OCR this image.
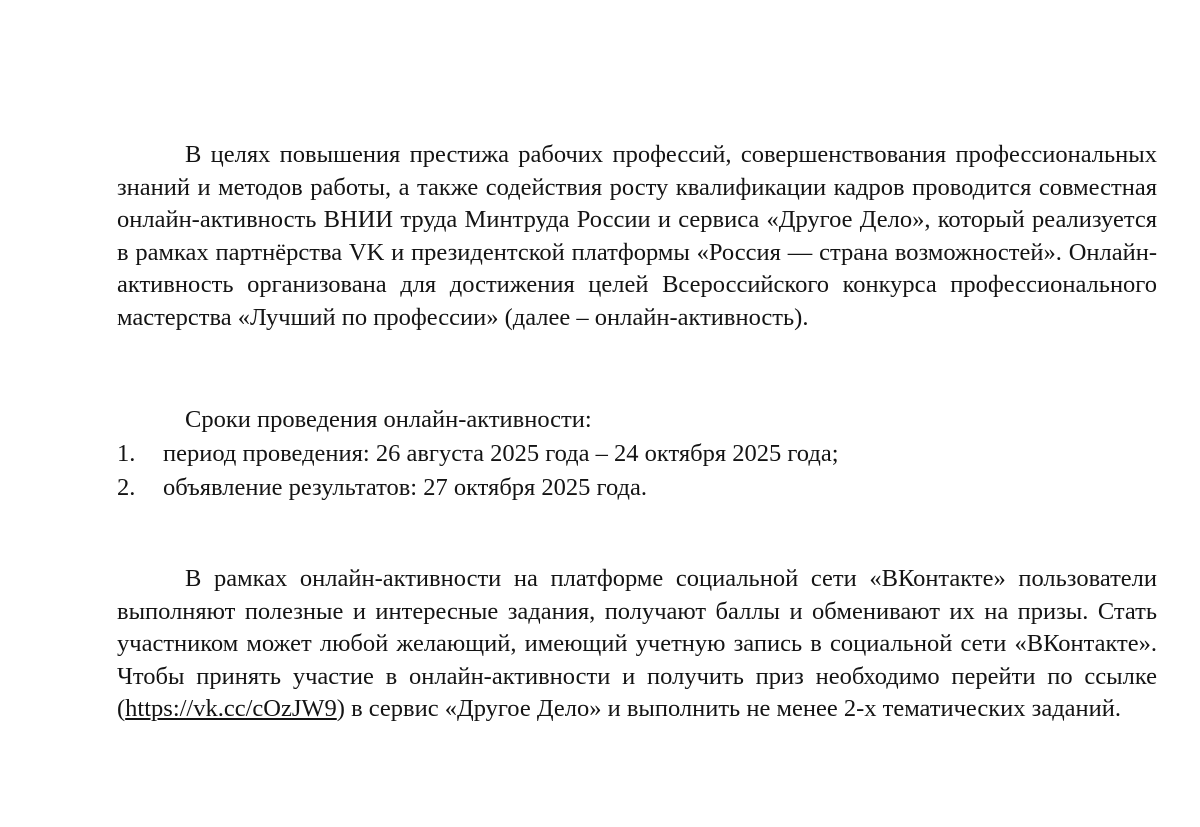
В целях повышения престижа рабочих профессий, совершенствования профессиональных знаний и методов работы, а также содействия росту квалификации кадров проводится совместная онлайн-активность ВНИИ труда Минтруда России и сервиса «Другое Дело», который реализуется в рамках партнёрства VK и президентской платформы «Россия — страна возможностей». Онлайн-активность организована для достижения целей Всероссийского конкурса профессионального мастерства «Лучший по профессии» (далее – онлайн-активность).

Сроки проведения онлайн-активности:

1.	период проведения: 26 августа 2025 года – 24 октября 2025 года;
2.	объявление результатов: 27 октября 2025 года.

В рамках онлайн-активности на платформе социальной сети «ВКонтакте» пользователи выполняют полезные и интересные задания, получают баллы и обменивают их на призы. Стать участником может любой желающий, имеющий учетную запись в социальной сети «ВКонтакте». Чтобы принять участие в онлайн-активности и получить приз необходимо перейти по ссылке (https://vk.cc/cOzJW9) в сервис «Другое Дело» и выполнить не менее 2-х тематических заданий.
